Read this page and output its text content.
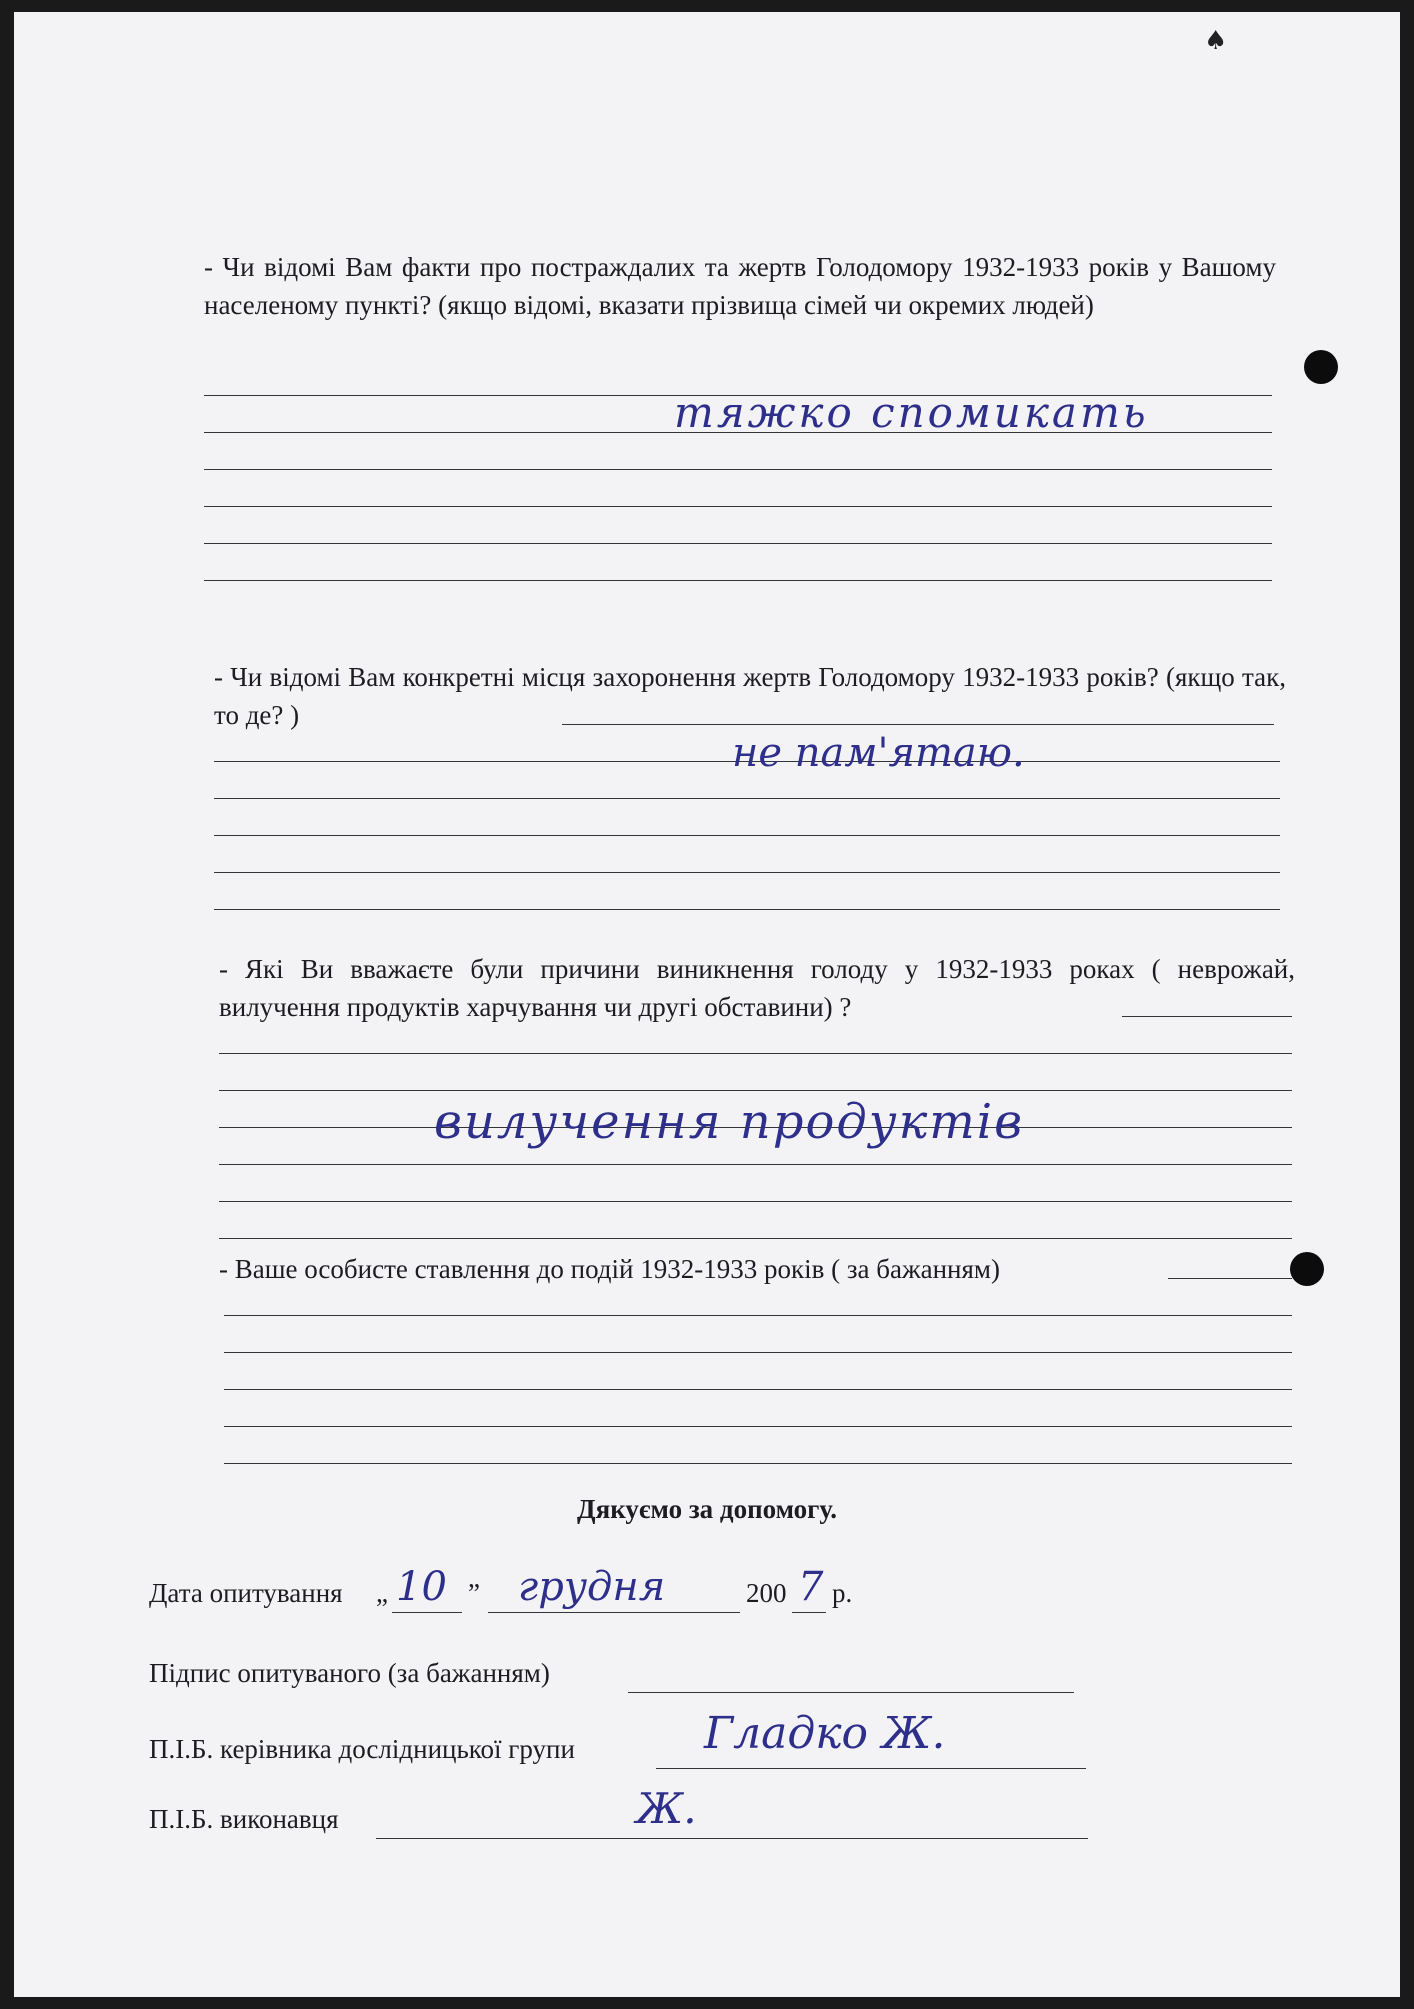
♠
- Чи відомі Вам факти про постраждалих та жертв Голодомору 1932-1933 років у Вашому населеному пункті? (якщо відомі, вказати прізвища сімей чи окремих людей)
тяжко спомикать
- Чи відомі Вам конкретні місця захоронення жертв Голодомору 1932-1933 років? (якщо так, то де? )
не пам'ятаю.
- Які Ви вважаєте були причини виникнення голоду у 1932-1933 роках ( неврожай, вилучення продуктів харчування чи другі обставини) ?
вилучення продуктів
- Ваше особисте ставлення до подій 1932-1933 років ( за бажанням)
Дякуємо за допомогу.
Дата опитування „ 10 ” грудня	200 7 р.
Підпис опитуваного (за бажанням)
П.І.Б. керівника дослідницької групи	Гладко Ж.
П.І.Б. виконавця	Ж.
